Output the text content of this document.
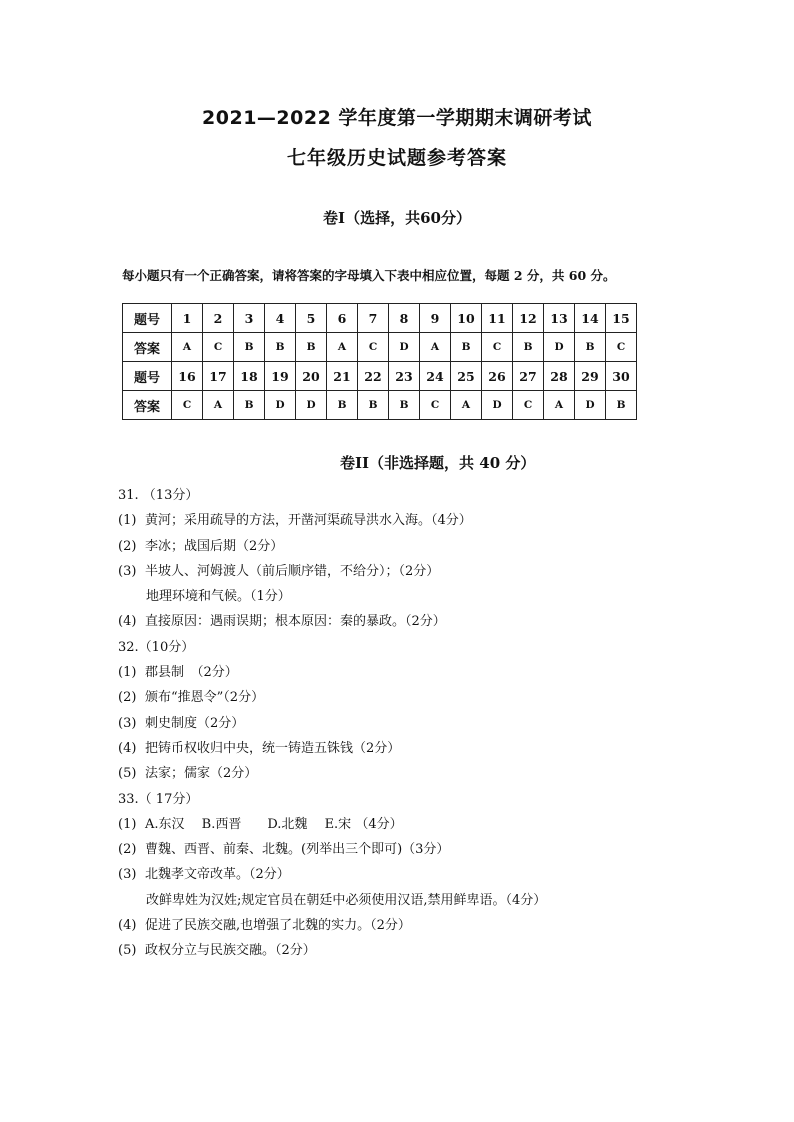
2021—2022 学年度第一学期期末调研考试
七年级历史试题参考答案
卷Ⅰ（选择，共60分）
每小题只有一个正确答案，请将答案的字母填入下表中相应位置，每题 2 分，共 60 分。
题号	1	2	3	4	5	6	7	8	9	10	11	12	13	14	15
答案	A	C	B	B	B	A	C	D	A	B	C	B	D	B	C
题号	16	17	18	19	20	21	22	23	24	25	26	27	28	29	30
答案	C	A	B	D	D	B	B	B	C	A	D	C	A	D	B
卷II（非选择题，共 40 分）
31. （13分）
(1) 黄河；采用疏导的方法，开凿河渠疏导洪水入海。（4分）
(2) 李冰；战国后期（2分）
(3) 半坡人、河姆渡人（前后顺序错，不给分）；（2分）
地理环境和气候。（1分）
(4) 直接原因：遇雨误期；根本原因：秦的暴政。（2分）
32.（10分）
(1) 郡县制　（2分）
(2) 颁布“推恩令”（2分）
(3) 刺史制度（2分）
(4) 把铸币权收归中央，统一铸造五铢钱（2分）
(5) 法家；儒家（2分）
33.（ 17分）
(1) A.东汉　 B.西晋　　D.北魏　 E.宋 （4分）
(2) 曹魏、西晋、前秦、北魏。(列举出三个即可)（3分）
(3) 北魏孝文帝改革。（2分）
改鲜卑姓为汉姓;规定官员在朝廷中必须使用汉语,禁用鲜卑语。（4分）
(4) 促进了民族交融,也增强了北魏的实力。（2分）
(5) 政权分立与民族交融。（2分）
